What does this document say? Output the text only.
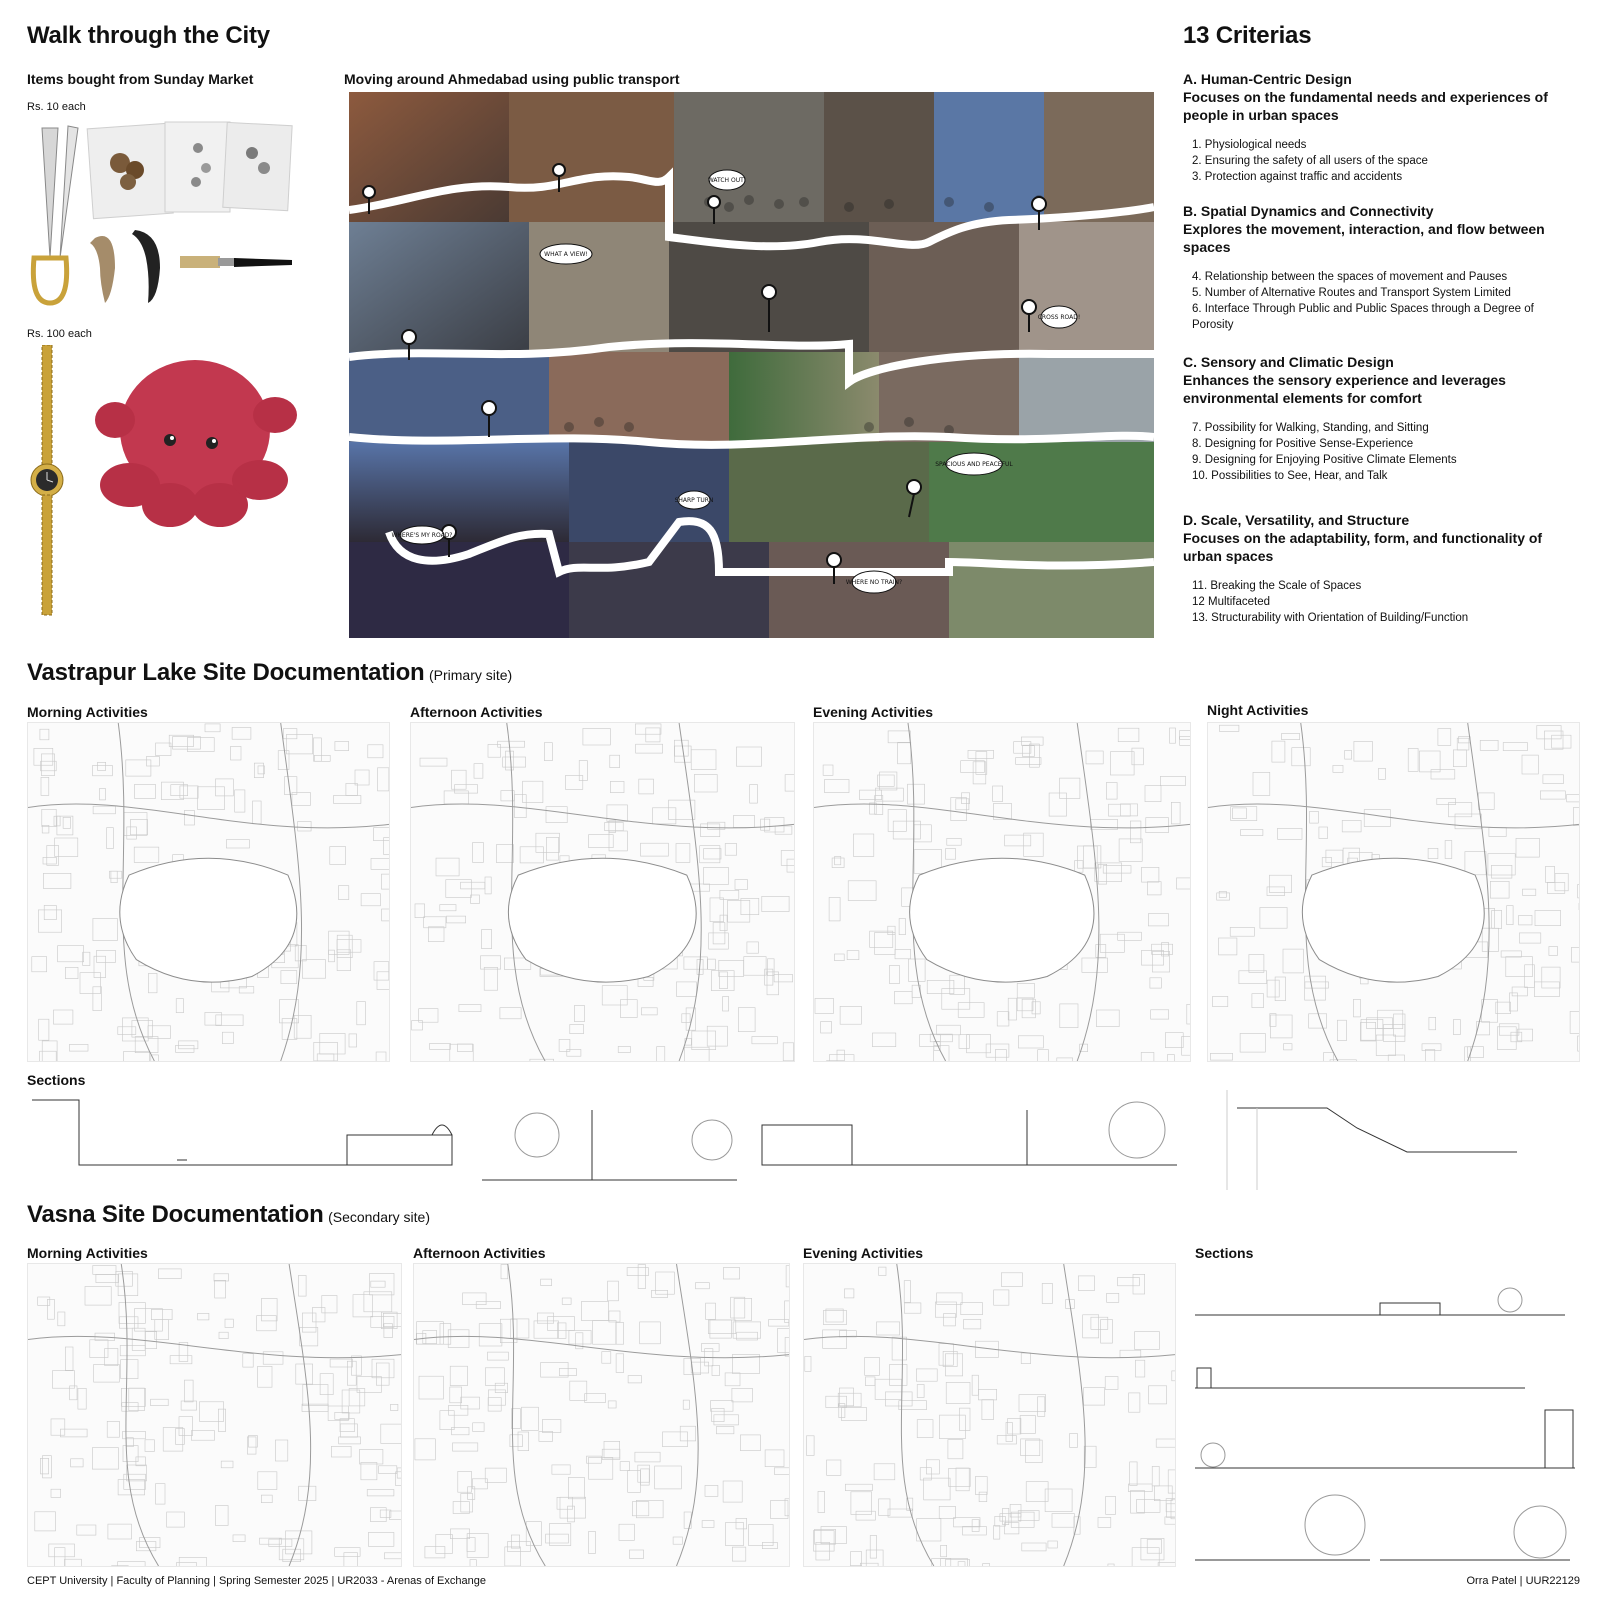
Walk through the City
Items bought from Sunday Market
Rs. 10 each
Rs. 100 each
Moving around Ahmedabad using public transport
WATCH OUT!
WHAT A VIEW!
CROSS ROAD!
SPACIOUS AND PEACEFUL
SHARP TURN
WHERE'S MY ROAD?
WHERE NO TRAIN?
13 Criterias
A. Human-Centric Design
Focuses on the fundamental needs and experiences of people in urban spaces
1. Physiological needs
2. Ensuring the safety of all users of the space
3. Protection against traffic and accidents
B. Spatial Dynamics and Connectivity
Explores the movement, interaction, and flow between spaces
4. Relationship between the spaces of movement and Pauses
5. Number of Alternative Routes and Transport System Limited
6. Interface Through Public and Public Spaces through a Degree of Porosity
C. Sensory and Climatic Design
Enhances the sensory experience and leverages environmental elements for comfort
7. Possibility for Walking, Standing, and Sitting
8. Designing for Positive Sense-Experience
9. Designing for Enjoying Positive Climate Elements
10. Possibilities to See, Hear, and Talk
D. Scale, Versatility, and Structure
Focuses on the adaptability, form, and functionality of urban spaces
11. Breaking the Scale of Spaces
12 Multifaceted
13. Structurability with Orientation of Building/Function
Vastrapur Lake Site Documentation (Primary site)
Morning Activities	Afternoon Activities	Evening Activities	Night Activities
Sections
Vasna Site Documentation (Secondary site)
Morning Activities	Afternoon Activities	Evening Activities	Sections
CEPT University | Faculty of Planning | Spring Semester 2025 | UR2033 - Arenas of Exchange	Orra Patel | UUR22129
